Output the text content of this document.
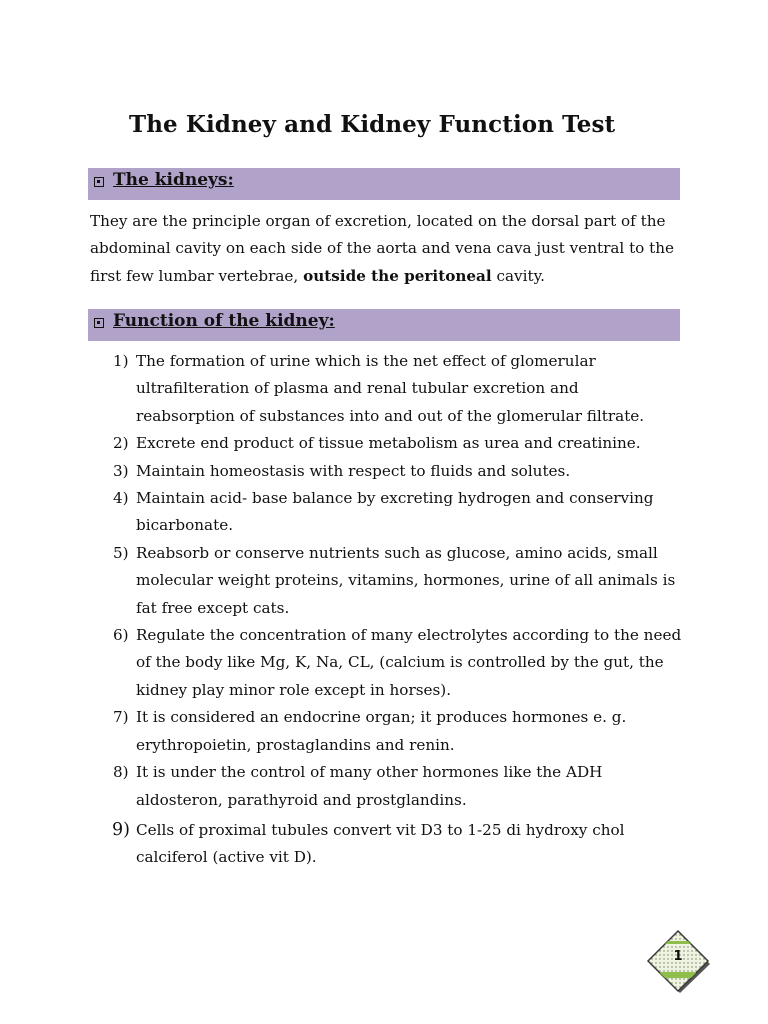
The Kidney and Kidney Function Test
The kidneys:

They are the principle organ of excretion, located on the dorsal part of the abdominal cavity on each side of the aorta and vena cava just ventral to the first few lumbar vertebrae, outside the peritoneal cavity.

Function of the kidney:
1) The formation of urine which is the net effect of glomerular ultrafilteration of plasma and renal tubular excretion and reabsorption of substances into and out of the glomerular filtrate.
2) Excrete end product of tissue metabolism as urea and creatinine.
3) Maintain homeostasis with respect to fluids and solutes.
4) Maintain acid- base balance by excreting hydrogen and conserving bicarbonate.
5) Reabsorb or conserve nutrients such as glucose, amino acids, small molecular weight proteins, vitamins, hormones, urine of all animals is fat free except cats.
6) Regulate the concentration of many electrolytes according to the need of the body like Mg, K, Na, CL, (calcium is controlled by the gut, the kidney play minor role except in horses).
7) It is considered an endocrine organ; it produces hormones e. g. erythropoietin, prostaglandins and renin.
8) It is under the control of many other hormones like the ADH aldosteron, parathyroid and prostglandins.
9) Cells of proximal tubules convert vit D3 to 1-25 di hydroxy chol calciferol (active vit D).
1
